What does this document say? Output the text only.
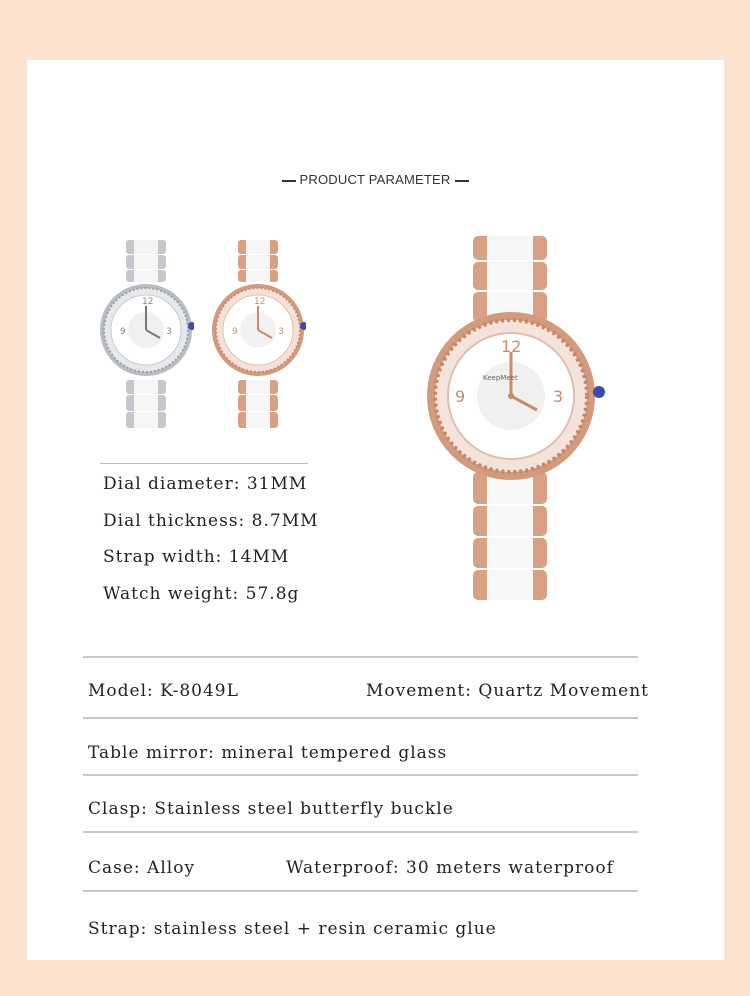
PRODUCT PARAMETER
12
9	3
12
9	3
12
9	3
KeepMeet
Dial diameter: 31MM
Dial thickness: 8.7MM
Strap width: 14MM
Watch weight: 57.8g
Model: K-8049L	Movement: Quartz Movement
Table mirror: mineral tempered glass
Clasp: Stainless steel butterfly buckle
Case: Alloy	Waterproof: 30 meters waterproof
Strap: stainless steel + resin ceramic glue
